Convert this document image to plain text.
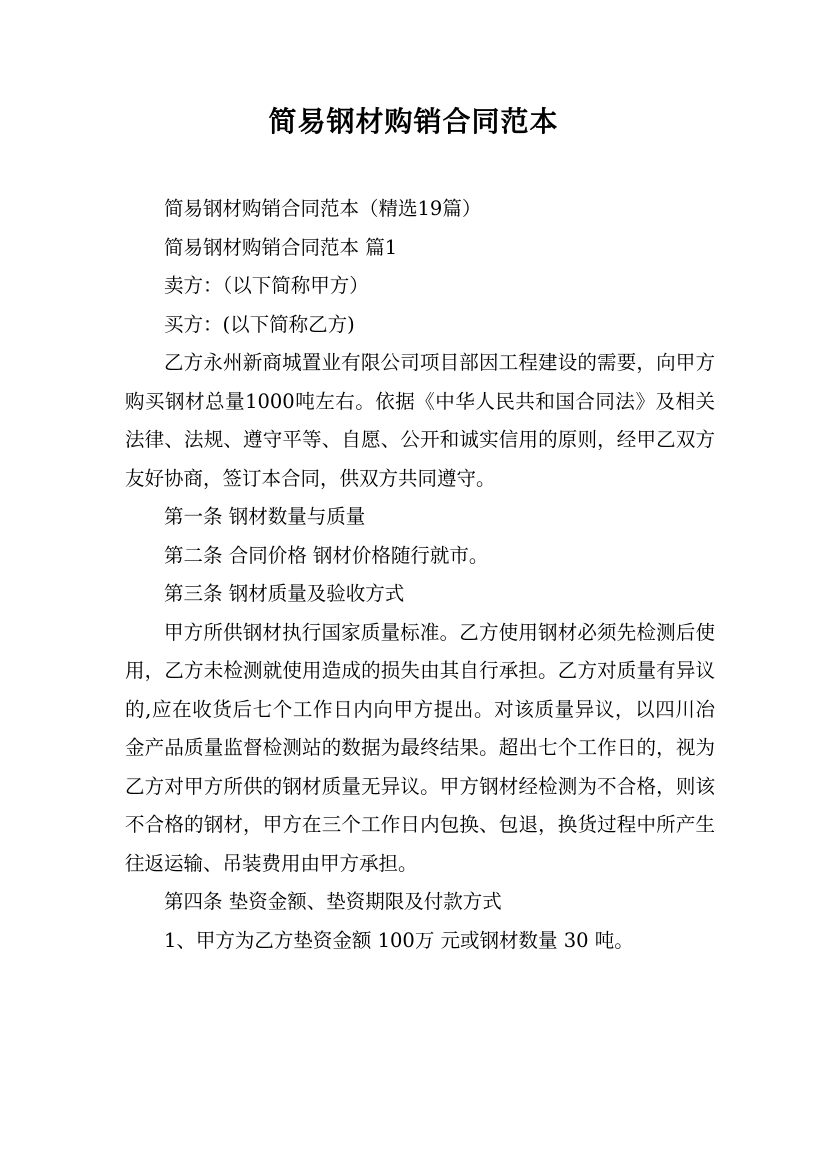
简易钢材购销合同范本

简易钢材购销合同范本（精选19篇）

简易钢材购销合同范本 篇1

卖方：（以下简称甲方）

买方：(以下简称乙方)

乙方永州新商城置业有限公司项目部因工程建设的需要，向甲方购买钢材总量1000吨左右。依据《中华人民共和国合同法》及相关法律、法规、遵守平等、自愿、公开和诚实信用的原则，经甲乙双方友好协商，签订本合同，供双方共同遵守。

第一条 钢材数量与质量

第二条 合同价格 钢材价格随行就市。

第三条 钢材质量及验收方式

甲方所供钢材执行国家质量标准。乙方使用钢材必须先检测后使用，乙方未检测就使用造成的损失由其自行承担。乙方对质量有异议的,应在收货后七个工作日内向甲方提出。对该质量异议，以四川冶金产品质量监督检测站的数据为最终结果。超出七个工作日的，视为乙方对甲方所供的钢材质量无异议。甲方钢材经检测为不合格，则该不合格的钢材，甲方在三个工作日内包换、包退，换货过程中所产生往返运输、吊装费用由甲方承担。

第四条 垫资金额、垫资期限及付款方式

1、甲方为乙方垫资金额 100万 元或钢材数量 30 吨。
